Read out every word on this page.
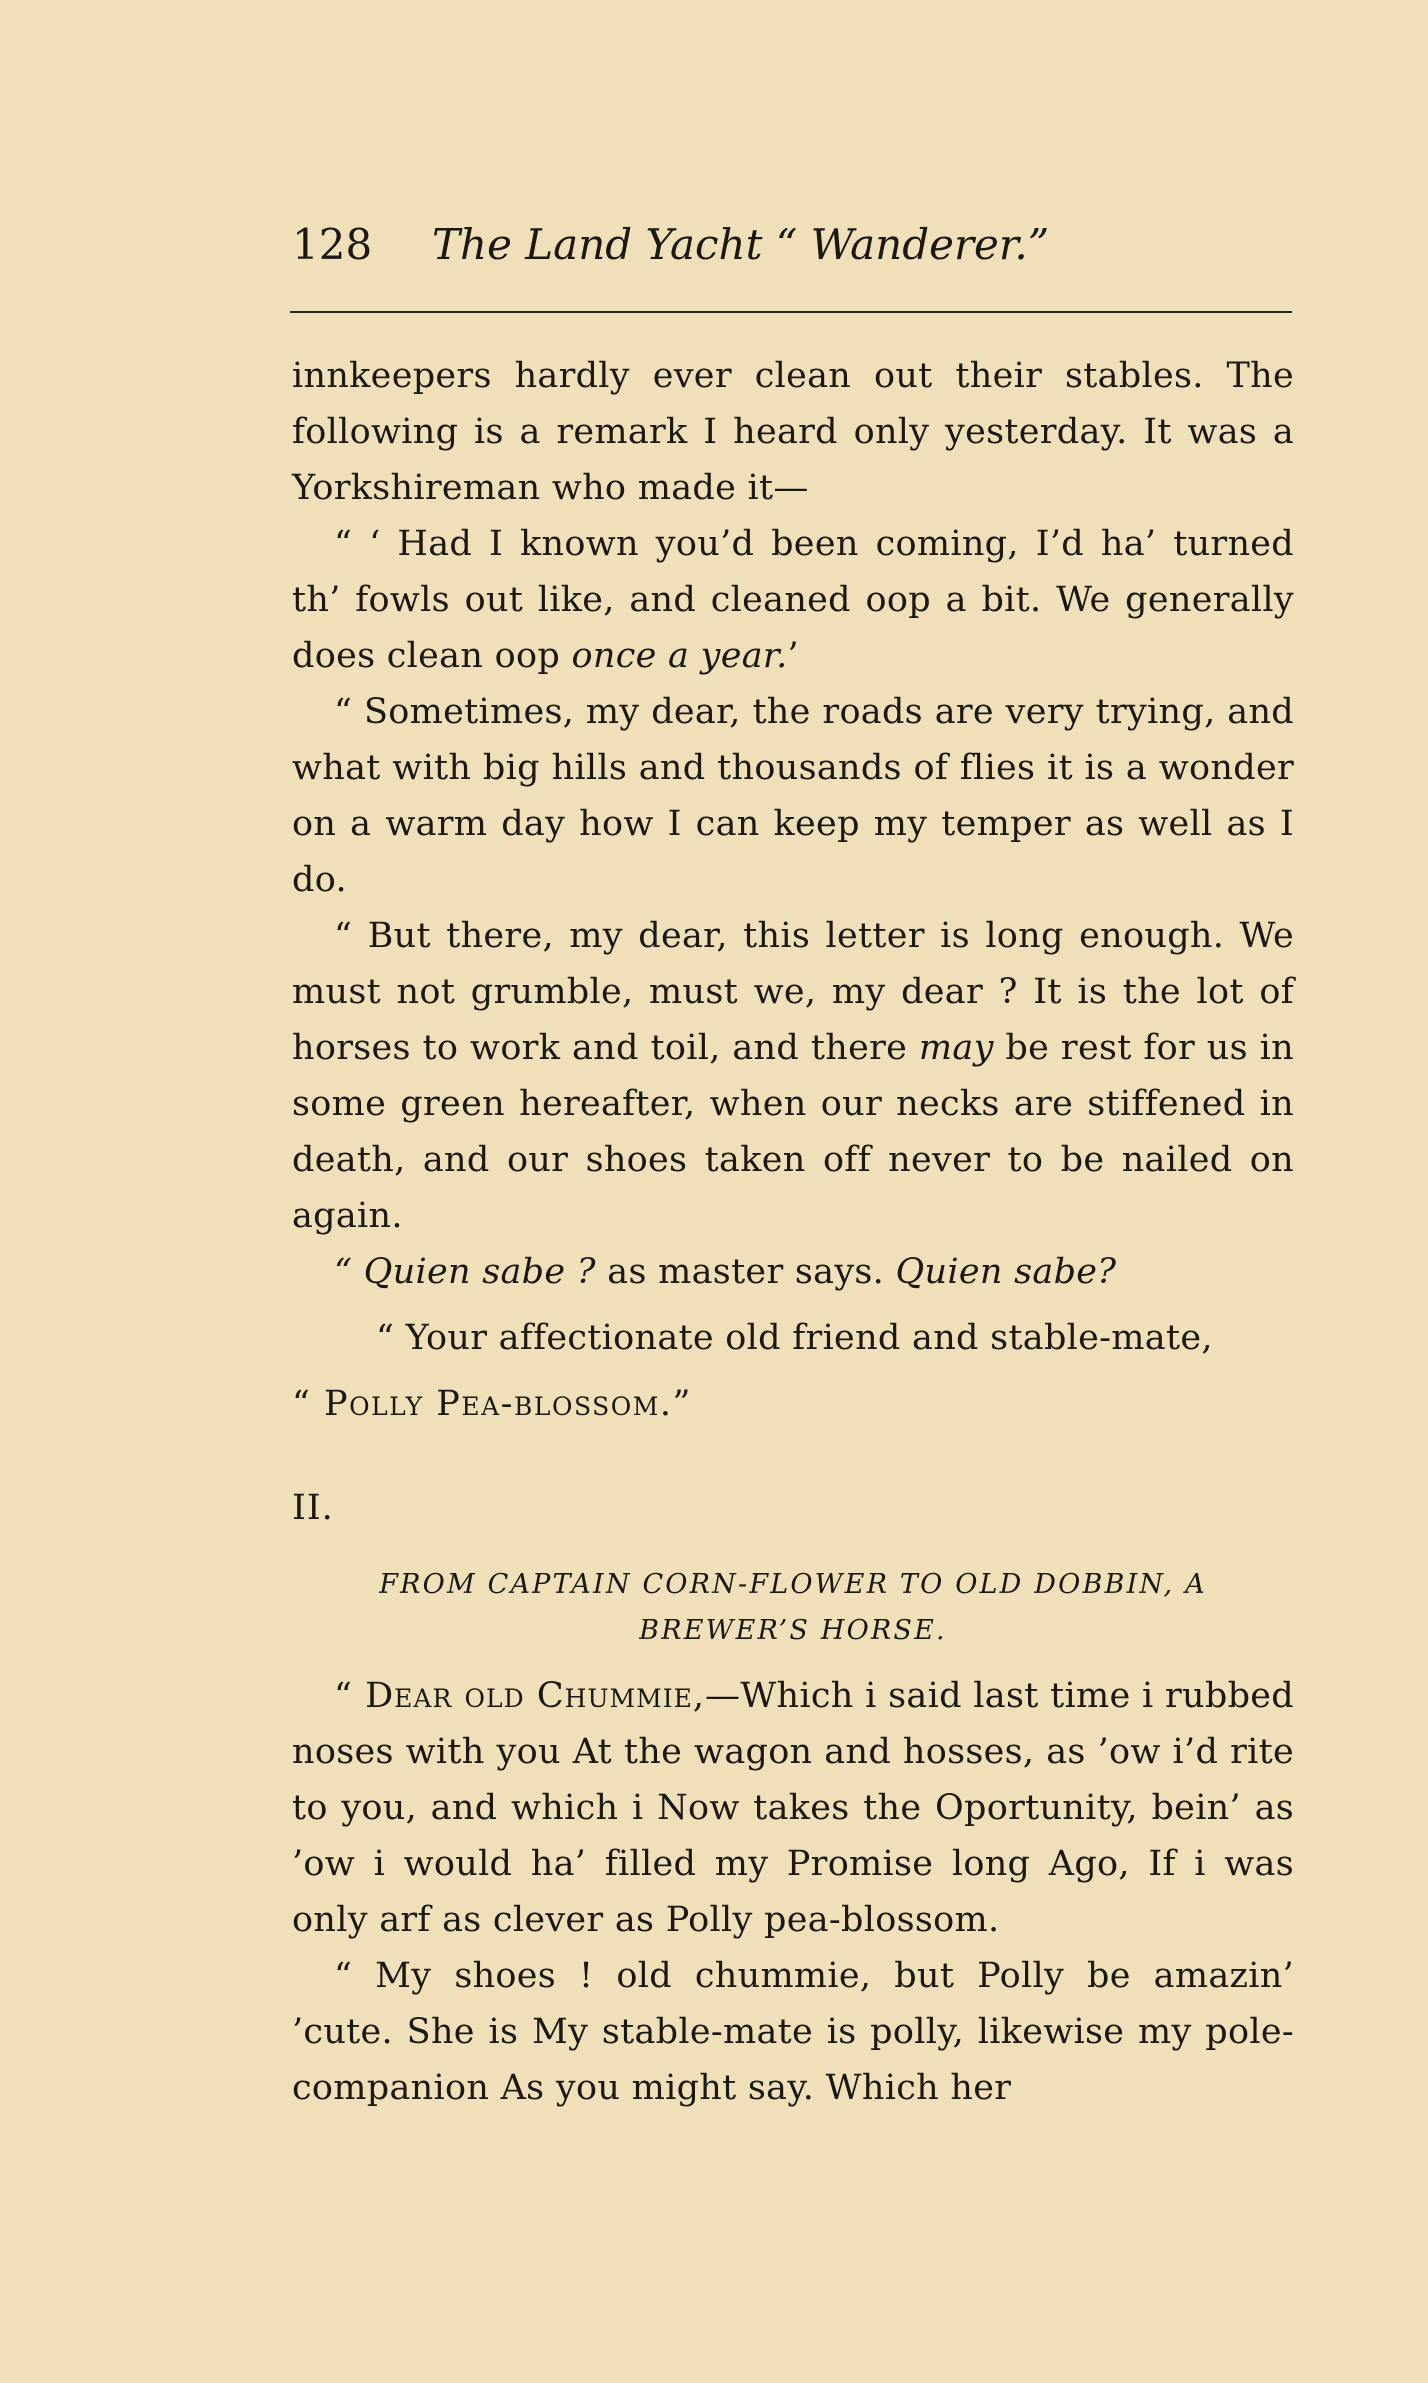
128 The Land Yacht “ Wanderer.”

innkeepers hardly ever clean out their stables. The following is a remark I heard only yesterday. It was a Yorkshireman who made it—

“ ‘ Had I known you’d been coming, I’d ha’ turned th’ fowls out like, and cleaned oop a bit. We generally does clean oop once a year.’

“ Sometimes, my dear, the roads are very trying, and what with big hills and thousands of flies it is a wonder on a warm day how I can keep my temper as well as I do.

“ But there, my dear, this letter is long enough. We must not grumble, must we, my dear ? It is the lot of horses to work and toil, and there may be rest for us in some green hereafter, when our necks are stiffened in death, and our shoes taken off never to be nailed on again.

“ Quien sabe ? as master says. Quien sabe?

“ Your affectionate old friend and stable-mate,

“ Polly Pea-blossom.”

II.

FROM CAPTAIN CORN-FLOWER TO OLD DOBBIN, A
BREWER’S HORSE.

“ Dear old Chummie,—Which i said last time i rubbed noses with you At the wagon and hosses, as ’ow i’d rite to you, and which i Now takes the Oportunity, bein’ as ’ow i would ha’ filled my Promise long Ago, If i was only arf as clever as Polly pea-blossom.

“ My shoes ! old chummie, but Polly be amazin’ ’cute. She is My stable-mate is polly, likewise my pole-companion As you might say. Which her
